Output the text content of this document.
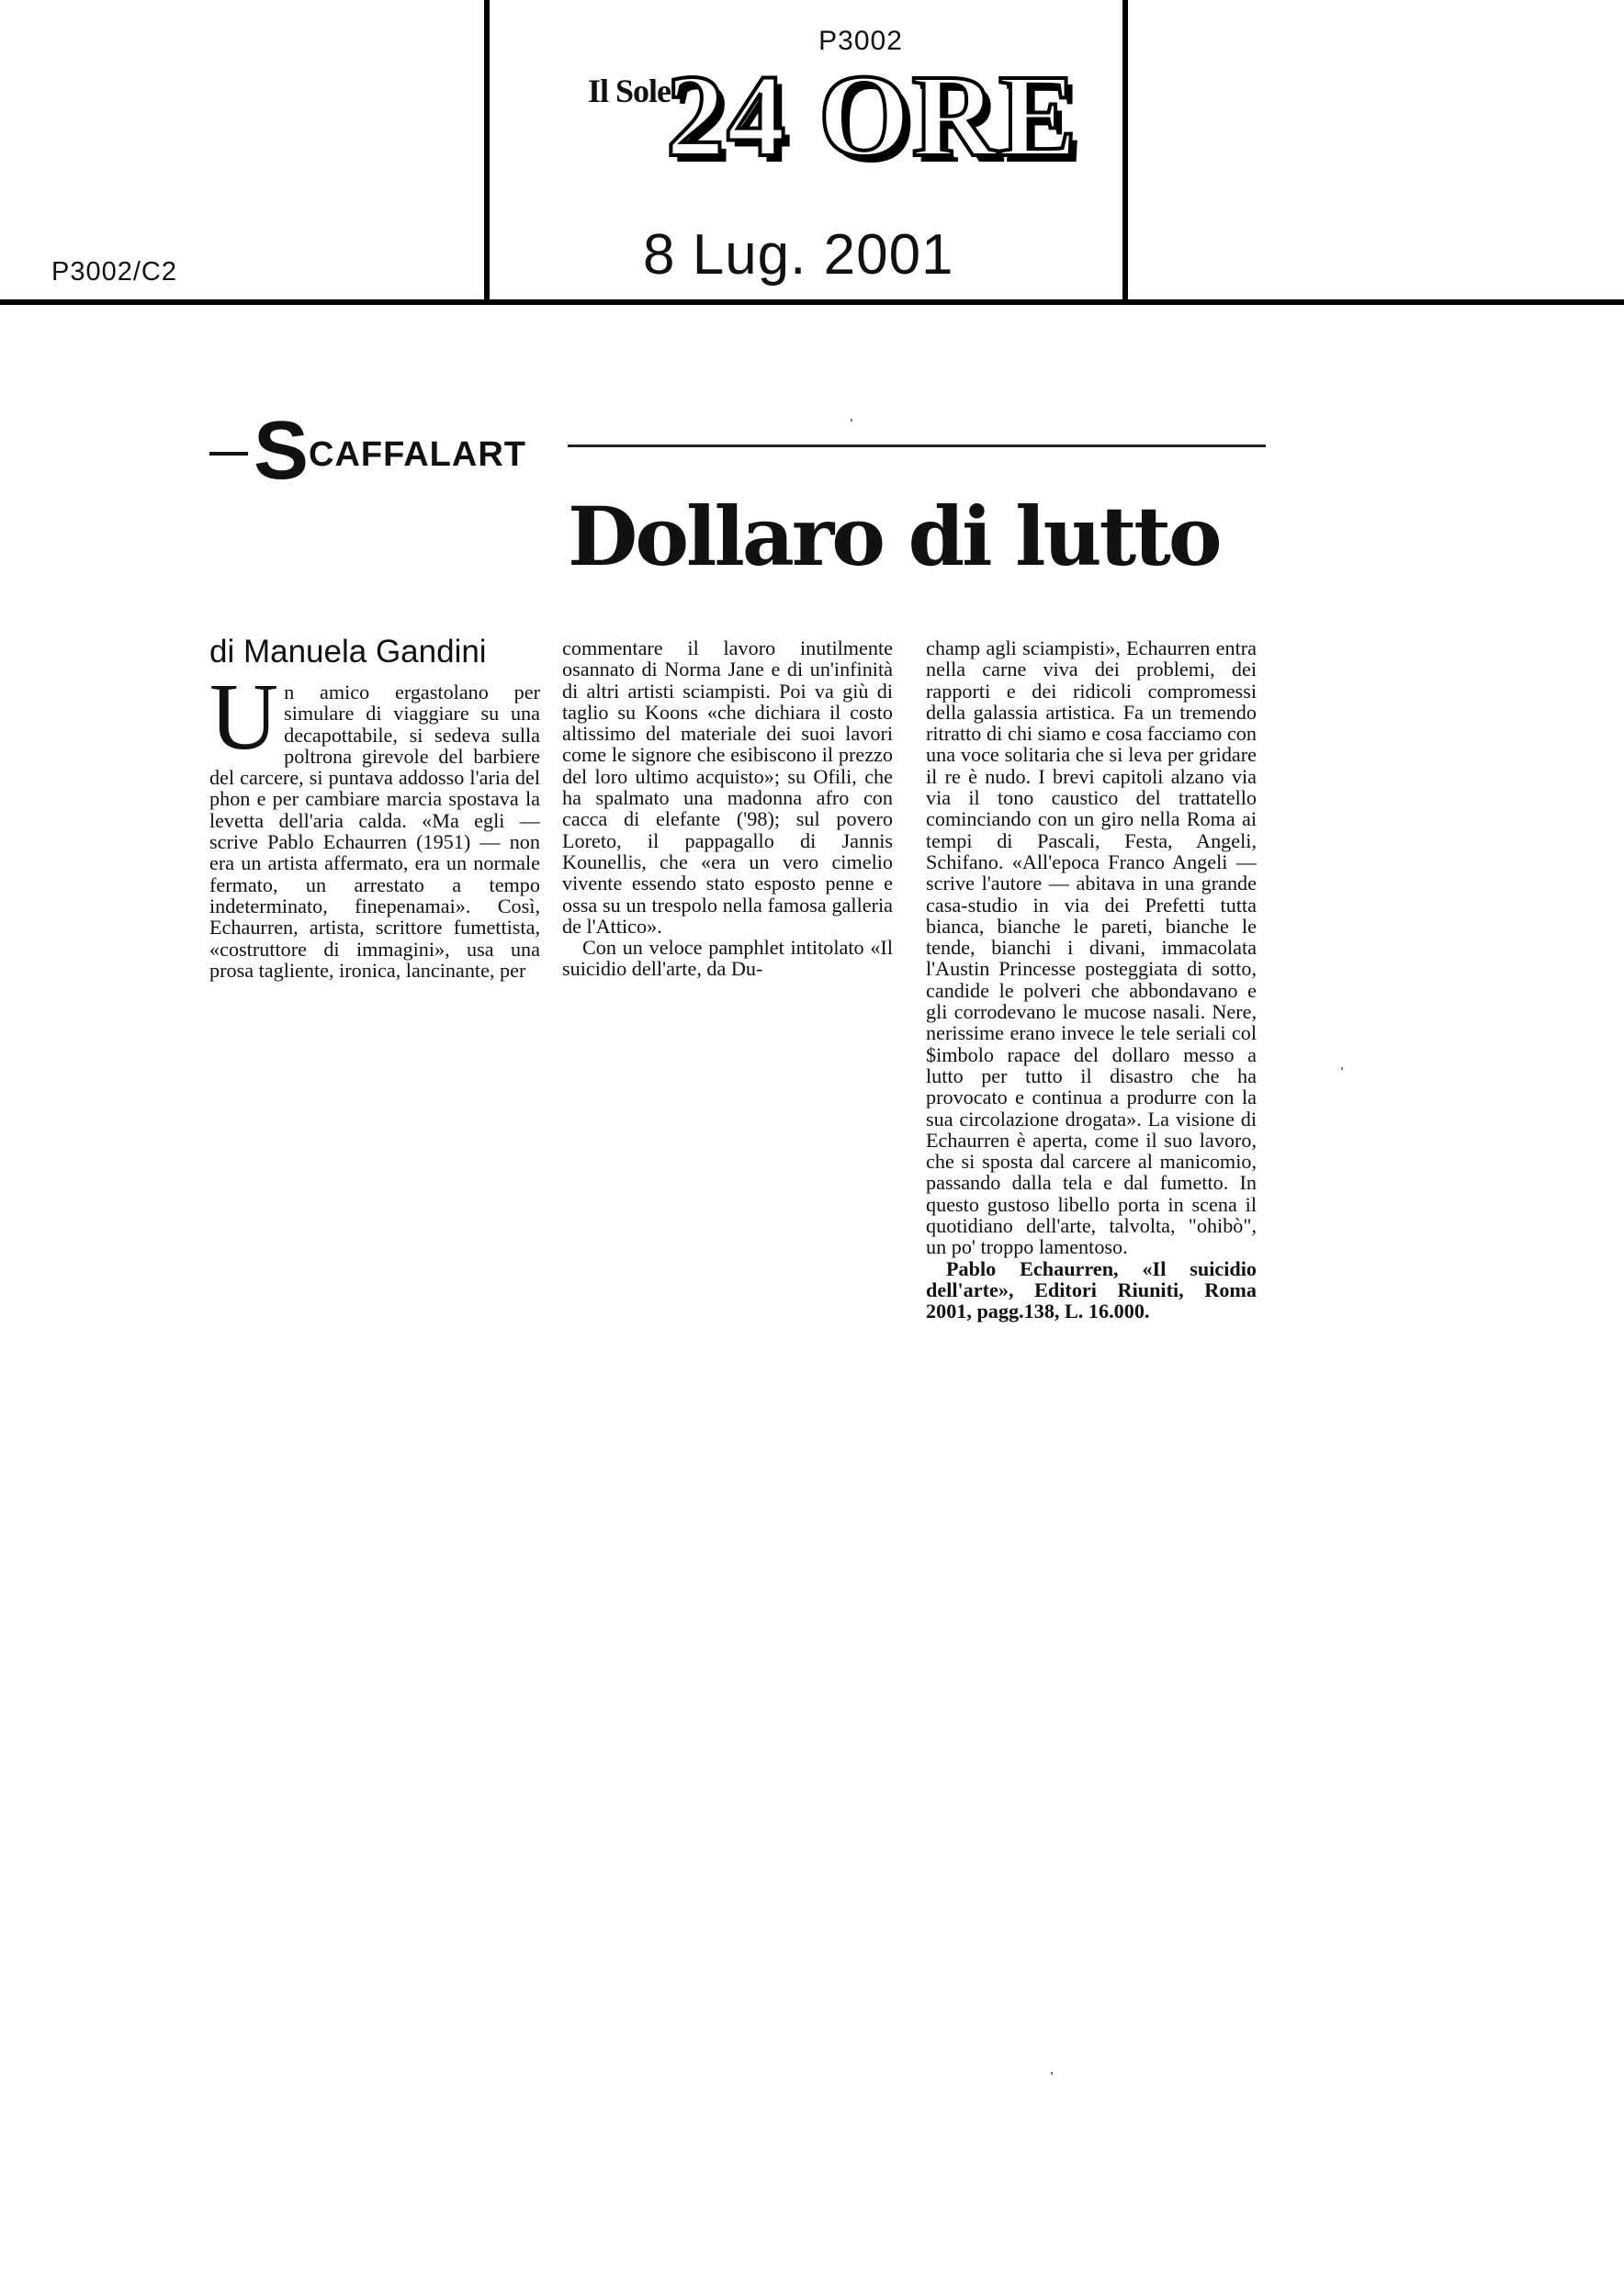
P3002
P3002/C2
Il Sole
24 ORE
8 Lug. 2001
SCAFFALART
Dollaro di lutto
di Manuela Gandini

Un amico ergastolano per simulare di viaggiare su una decapottabile, si sedeva sulla poltrona girevole del barbiere del carcere, si puntava addosso l'aria del phon e per cambiare marcia spostava la levetta dell'aria calda. «Ma egli — scrive Pablo Echaurren (1951) — non era un artista affermato, era un normale fermato, un arrestato a tempo indeterminato, finepenamai». Così, Echaurren, artista, scrittore fumettista, «costruttore di immagini», usa una prosa tagliente, ironica, lancinante, per

commentare il lavoro inutilmente osannato di Norma Jane e di un'infinità di altri artisti sciampisti. Poi va giù di taglio su Koons «che dichiara il costo altissimo del materiale dei suoi lavori come le signore che esibiscono il prezzo del loro ultimo acquisto»; su Ofili, che ha spalmato una madonna afro con cacca di elefante ('98); sul povero Loreto, il pappagallo di Jannis Kounellis, che «era un vero cimelio vivente essendo stato esposto penne e ossa su un trespolo nella famosa galleria de l'Attico».

Con un veloce pamphlet intitolato «Il suicidio dell'arte, da Du-

champ agli sciampisti», Echaurren entra nella carne viva dei problemi, dei rapporti e dei ridicoli compromessi della galassia artistica. Fa un tremendo ritratto di chi siamo e cosa facciamo con una voce solitaria che si leva per gridare il re è nudo. I brevi capitoli alzano via via il tono caustico del trattatello cominciando con un giro nella Roma ai tempi di Pascali, Festa, Angeli, Schifano. «All'epoca Franco Angeli — scrive l'autore — abitava in una grande casa-studio in via dei Prefetti tutta bianca, bianche le pareti, bianche le tende, bianchi i divani, immacolata l'Austin Princesse posteggiata di sotto, candide le polveri che abbondavano e gli corrodevano le mucose nasali. Nere, nerissime erano invece le tele seriali col $imbolo rapace del dollaro messo a lutto per tutto il disastro che ha provocato e continua a produrre con la sua circolazione drogata». La visione di Echaurren è aperta, come il suo lavoro, che si sposta dal carcere al manicomio, passando dalla tela e dal fumetto. In questo gustoso libello porta in scena il quotidiano dell'arte, talvolta, "ohibò", un po' troppo lamentoso.

Pablo Echaurren, «Il suicidio dell'arte», Editori Riuniti, Roma 2001, pagg.138, L. 16.000.
